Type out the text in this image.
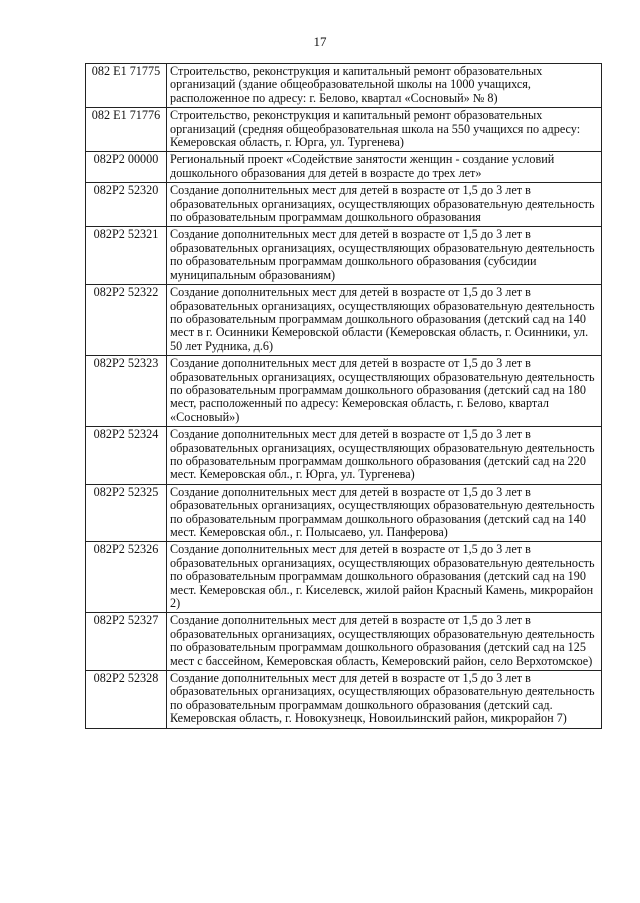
17
082 E1 71775	Строительство, реконструкция и капитальный ремонт образовательных организаций (здание общеобразовательной школы на 1000 учащихся, расположенное по адресу: г. Белово, квартал «Сосновый» № 8)
082 E1 71776	Строительство, реконструкция и капитальный ремонт образовательных организаций (средняя общеобразовательная школа на 550 учащихся по адресу: Кемеровская область, г. Юрга, ул. Тургенева)
082P2 00000	Региональный проект «Содействие занятости женщин - создание условий дошкольного образования для детей в возрасте до трех лет»
082P2 52320	Создание дополнительных мест для детей в возрасте от 1,5 до 3 лет в образовательных организациях, осуществляющих образовательную деятельность по образовательным программам дошкольного образования
082P2 52321	Создание дополнительных мест для детей в возрасте от 1,5 до 3 лет в образовательных организациях, осуществляющих образовательную деятельность по образовательным программам дошкольного образования (субсидии муниципальным образованиям)
082P2 52322	Создание дополнительных мест для детей в возрасте от 1,5 до 3 лет в образовательных организациях, осуществляющих образовательную деятельность по образовательным программам дошкольного образования (детский сад на 140 мест в г. Осинники Кемеровской области (Кемеровская область, г. Осинники, ул. 50 лет Рудника, д.6)
082P2 52323	Создание дополнительных мест для детей в возрасте от 1,5 до 3 лет в образовательных организациях, осуществляющих образовательную деятельность по образовательным программам дошкольного образования (детский сад на 180 мест, расположенный по адресу: Кемеровская область, г. Белово, квартал «Сосновый»)
082P2 52324	Создание дополнительных мест для детей в возрасте от 1,5 до 3 лет в образовательных организациях, осуществляющих образовательную деятельность по образовательным программам дошкольного образования (детский сад на 220 мест. Кемеровская обл., г. Юрга, ул. Тургенева)
082P2 52325	Создание дополнительных мест для детей в возрасте от 1,5 до 3 лет в образовательных организациях, осуществляющих образовательную деятельность по образовательным программам дошкольного образования (детский сад на 140 мест. Кемеровская обл., г. Полысаево, ул. Панферова)
082P2 52326	Создание дополнительных мест для детей в возрасте от 1,5 до 3 лет в образовательных организациях, осуществляющих образовательную деятельность по образовательным программам дошкольного образования (детский сад на 190 мест. Кемеровская обл., г. Киселевск, жилой район Красный Камень, микрорайон 2)
082P2 52327	Создание дополнительных мест для детей в возрасте от 1,5 до 3 лет в образовательных организациях, осуществляющих образовательную деятельность по образовательным программам дошкольного образования (детский сад на 125 мест с бассейном, Кемеровская область, Кемеровский район, село Верхотомское)
082P2 52328	Создание дополнительных мест для детей в возрасте от 1,5 до 3 лет в образовательных организациях, осуществляющих образовательную деятельность по образовательным программам дошкольного образования (детский сад. Кемеровская область, г. Новокузнецк, Новоильинский район, микрорайон 7)
